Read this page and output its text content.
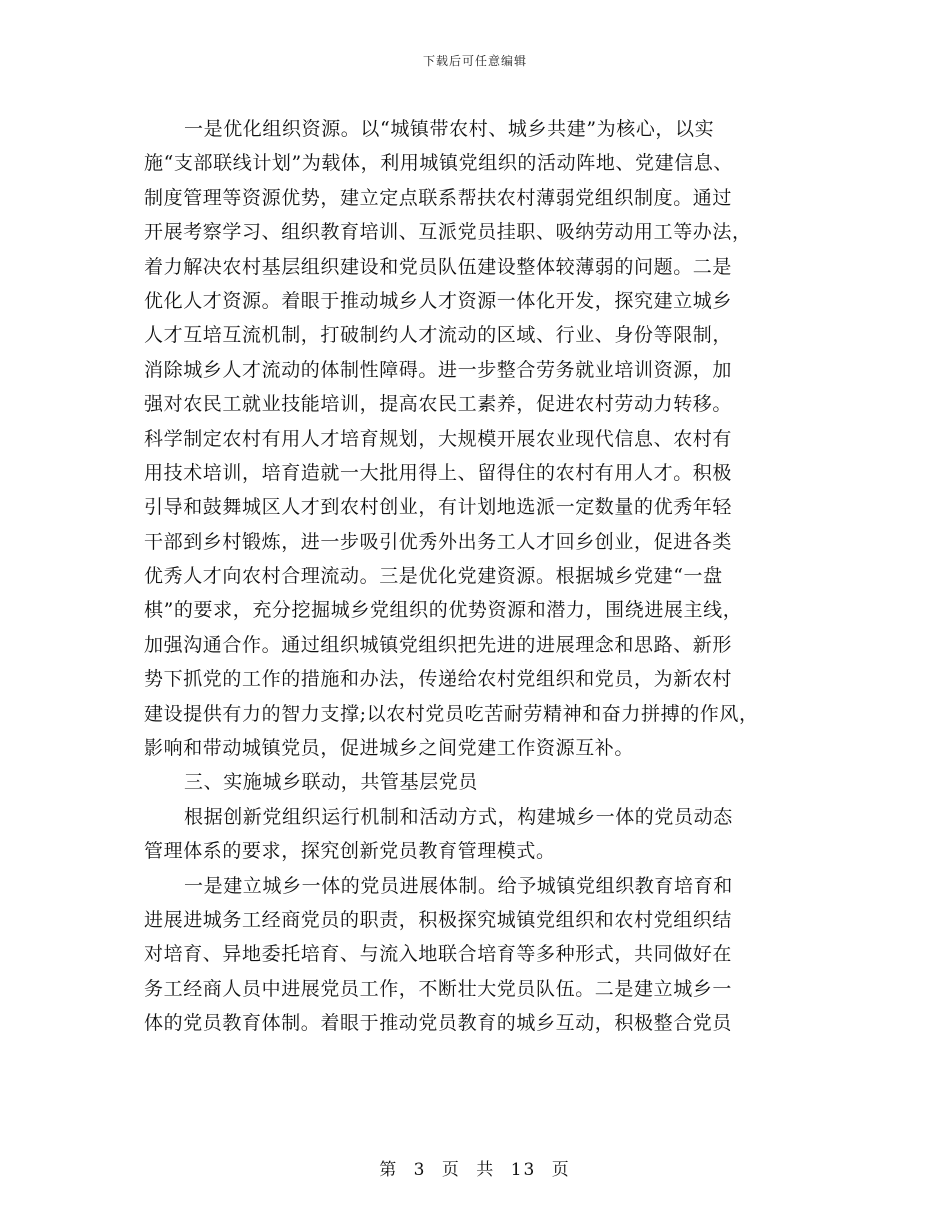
下载后可任意编辑
一是优化组织资源。以“城镇带农村、城乡共建”为核心，以实
施“支部联线计划”为载体，利用城镇党组织的活动阵地、党建信息、
制度管理等资源优势，建立定点联系帮扶农村薄弱党组织制度。通过
开展考察学习、组织教育培训、互派党员挂职、吸纳劳动用工等办法，
着力解决农村基层组织建设和党员队伍建设整体较薄弱的问题。二是
优化人才资源。着眼于推动城乡人才资源一体化开发，探究建立城乡
人才互培互流机制，打破制约人才流动的区域、行业、身份等限制，
消除城乡人才流动的体制性障碍。进一步整合劳务就业培训资源，加
强对农民工就业技能培训，提高农民工素养，促进农村劳动力转移。
科学制定农村有用人才培育规划，大规模开展农业现代信息、农村有
用技术培训，培育造就一大批用得上、留得住的农村有用人才。积极
引导和鼓舞城区人才到农村创业，有计划地选派一定数量的优秀年轻
干部到乡村锻炼，进一步吸引优秀外出务工人才回乡创业，促进各类
优秀人才向农村合理流动。三是优化党建资源。根据城乡党建“一盘
棋”的要求，充分挖掘城乡党组织的优势资源和潜力，围绕进展主线，
加强沟通合作。通过组织城镇党组织把先进的进展理念和思路、新形
势下抓党的工作的措施和办法，传递给农村党组织和党员，为新农村
建设提供有力的智力支撑;以农村党员吃苦耐劳精神和奋力拼搏的作风，
影响和带动城镇党员，促进城乡之间党建工作资源互补。
三、实施城乡联动，共管基层党员
根据创新党组织运行机制和活动方式，构建城乡一体的党员动态
管理体系的要求，探究创新党员教育管理模式。
一是建立城乡一体的党员进展体制。给予城镇党组织教育培育和
进展进城务工经商党员的职责，积极探究城镇党组织和农村党组织结
对培育、异地委托培育、与流入地联合培育等多种形式，共同做好在
务工经商人员中进展党员工作，不断壮大党员队伍。二是建立城乡一
体的党员教育体制。着眼于推动党员教育的城乡互动，积极整合党员
第 3 页 共 13 页
